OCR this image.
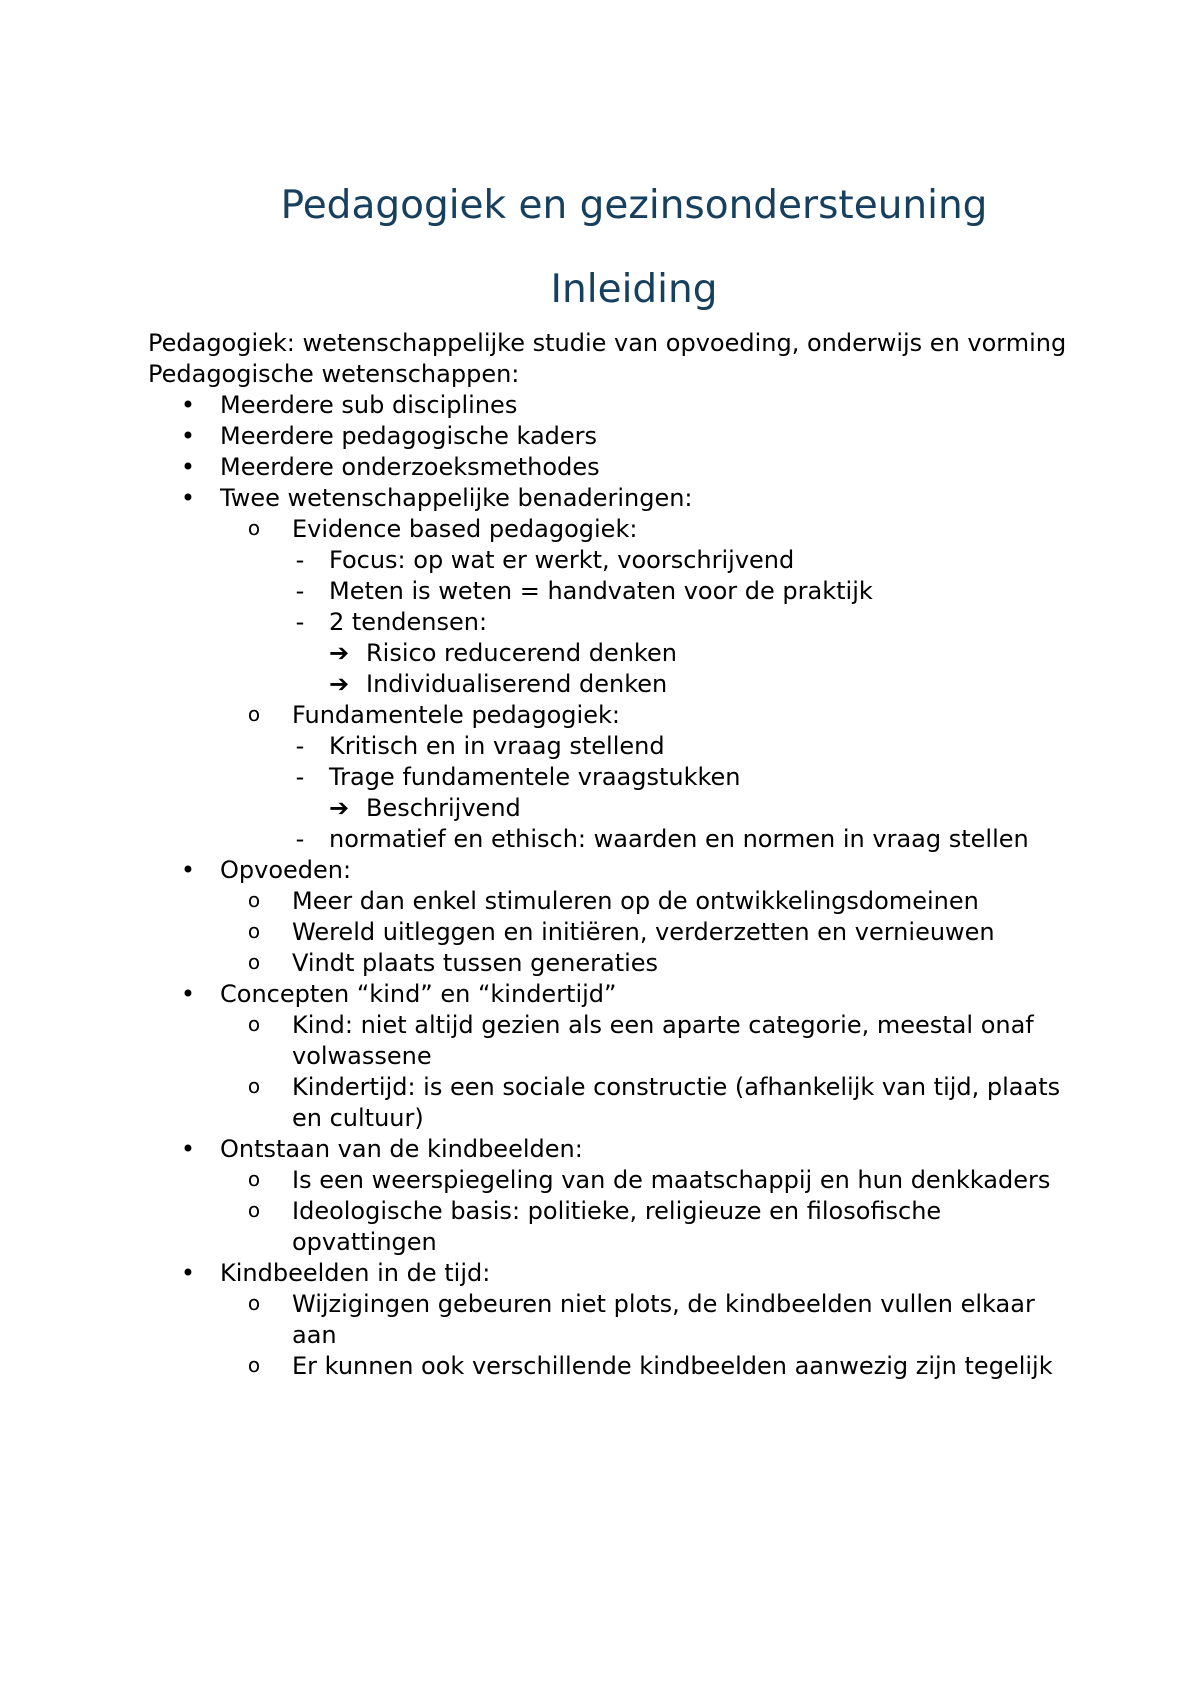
Pedagogiek en gezinsondersteuning
Inleiding

Pedagogiek: wetenschappelijke studie van opvoeding, onderwijs en vorming

Pedagogische wetenschappen:

• Meerdere sub disciplines
• Meerdere pedagogische kaders
• Meerdere onderzoeksmethodes
• Twee wetenschappelijke benaderingen:
o Evidence based pedagogiek:
- Focus: op wat er werkt, voorschrijvend
- Meten is weten = handvaten voor de praktijk
- 2 tendensen:
➔ Risico reducerend denken
➔ Individualiserend denken
o Fundamentele pedagogiek:
- Kritisch en in vraag stellend
- Trage fundamentele vraagstukken
➔ Beschrijvend
- normatief en ethisch: waarden en normen in vraag stellen
• Opvoeden:
o Meer dan enkel stimuleren op de ontwikkelingsdomeinen
o Wereld uitleggen en initiëren, verderzetten en vernieuwen
o Vindt plaats tussen generaties
• Concepten “kind” en “kindertijd”
o Kind: niet altijd gezien als een aparte categorie, meestal onaf volwassene
o Kindertijd: is een sociale constructie (afhankelijk van tijd, plaats en cultuur)
• Ontstaan van de kindbeelden:
o Is een weerspiegeling van de maatschappij en hun denkkaders
o Ideologische basis: politieke, religieuze en filosofische opvattingen
• Kindbeelden in de tijd:
o Wijzigingen gebeuren niet plots, de kindbeelden vullen elkaar aan
o Er kunnen ook verschillende kindbeelden aanwezig zijn tegelijk
